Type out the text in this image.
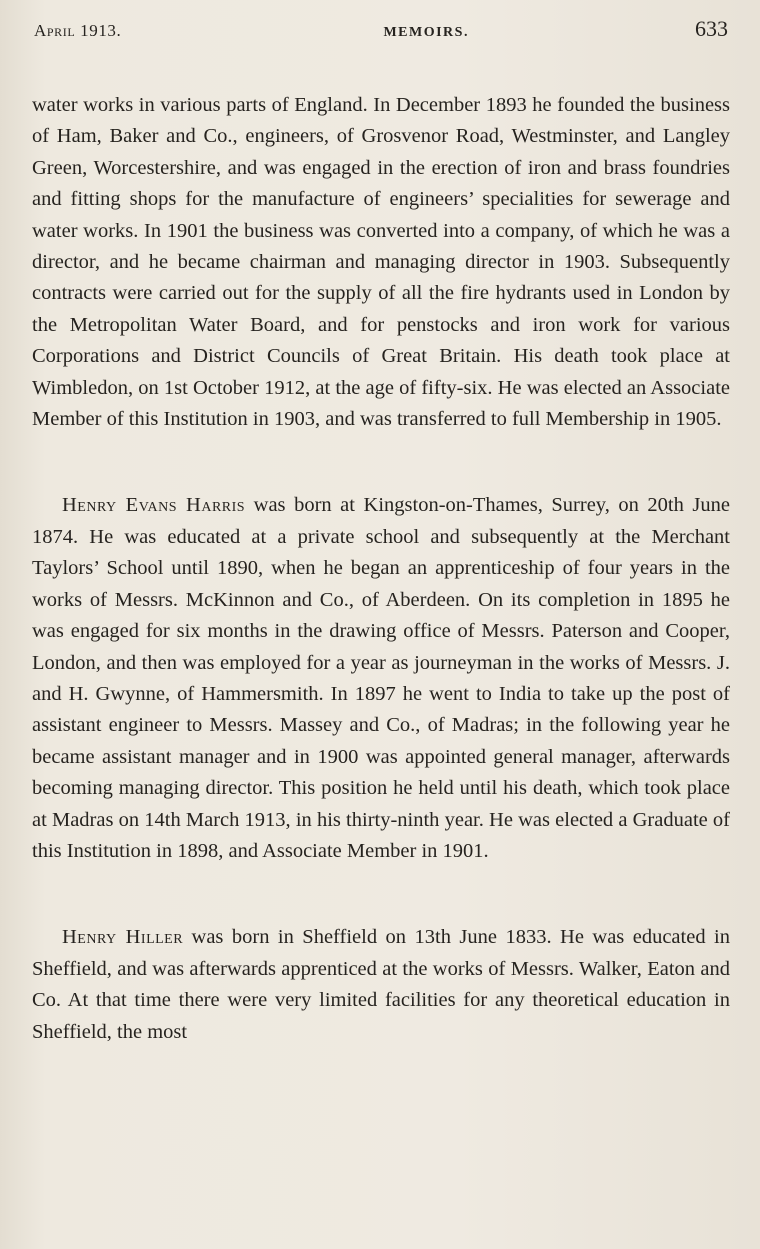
April 1913.	MEMOIRS.	633

water works in various parts of England. In December 1893 he founded the business of Ham, Baker and Co., engineers, of Grosvenor Road, Westminster, and Langley Green, Worcestershire, and was engaged in the erection of iron and brass foundries and fitting shops for the manufacture of engineers’ specialities for sewerage and water works. In 1901 the business was converted into a company, of which he was a director, and he became chairman and managing director in 1903. Subsequently contracts were carried out for the supply of all the fire hydrants used in London by the Metropolitan Water Board, and for penstocks and iron work for various Corporations and District Councils of Great Britain. His death took place at Wimbledon, on 1st October 1912, at the age of fifty-six. He was elected an Associate Member of this Institution in 1903, and was transferred to full Membership in 1905.

Henry Evans Harris was born at Kingston-on-Thames, Surrey, on 20th June 1874. He was educated at a private school and subsequently at the Merchant Taylors’ School until 1890, when he began an apprenticeship of four years in the works of Messrs. McKinnon and Co., of Aberdeen. On its completion in 1895 he was engaged for six months in the drawing office of Messrs. Paterson and Cooper, London, and then was employed for a year as journeyman in the works of Messrs. J. and H. Gwynne, of Hammersmith. In 1897 he went to India to take up the post of assistant engineer to Messrs. Massey and Co., of Madras; in the following year he became assistant manager and in 1900 was appointed general manager, afterwards becoming managing director. This position he held until his death, which took place at Madras on 14th March 1913, in his thirty-ninth year. He was elected a Graduate of this Institution in 1898, and Associate Member in 1901.

Henry Hiller was born in Sheffield on 13th June 1833. He was educated in Sheffield, and was afterwards apprenticed at the works of Messrs. Walker, Eaton and Co. At that time there were very limited facilities for any theoretical education in Sheffield, the most
